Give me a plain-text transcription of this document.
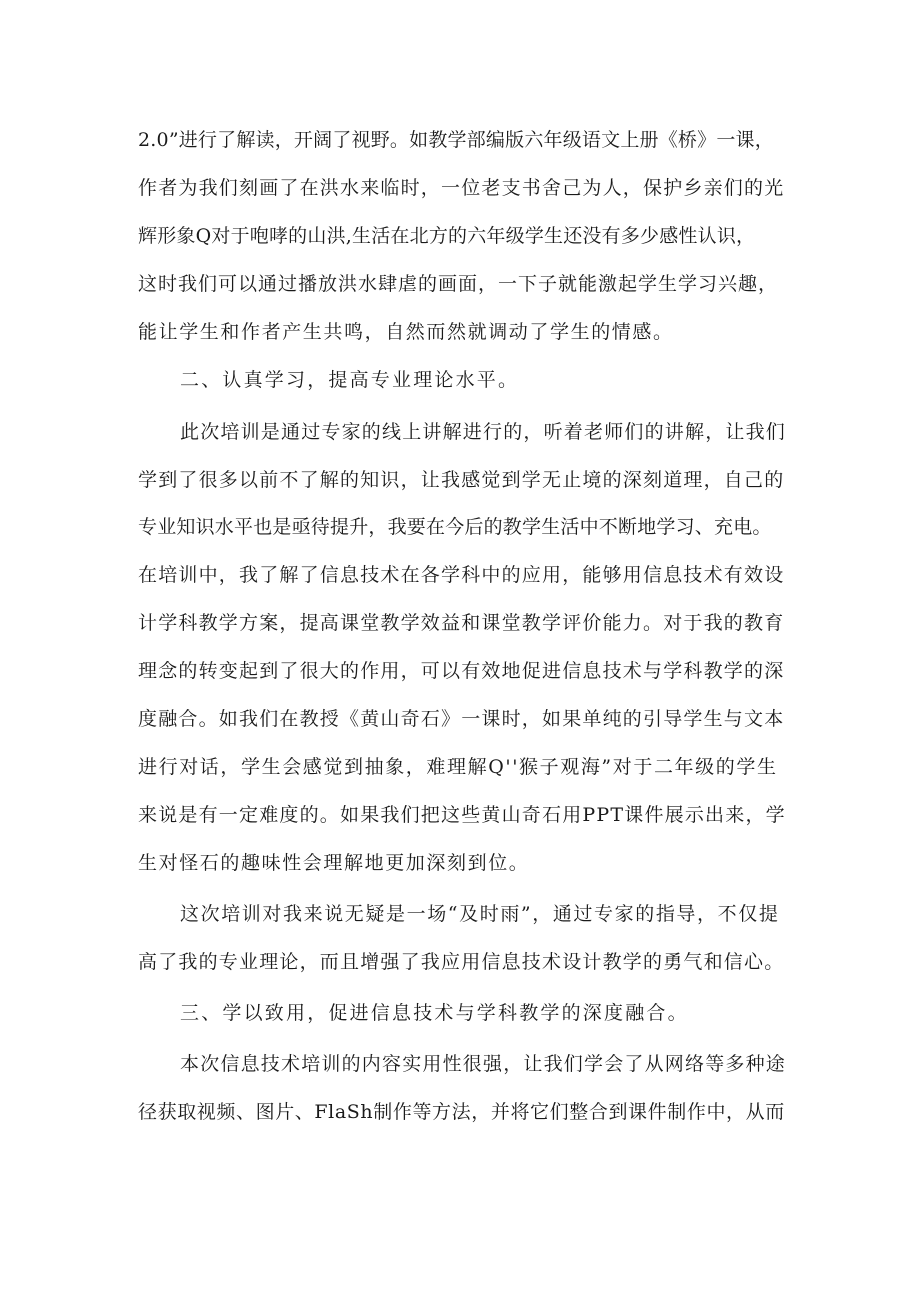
2.0”进行了解读，开阔了视野。如教学部编版六年级语文上册《桥》一课，
作者为我们刻画了在洪水来临时，一位老支书舍己为人，保护乡亲们的光
辉形象Q对于咆哮的山洪,生活在北方的六年级学生还没有多少感性认识，
这时我们可以通过播放洪水肆虐的画面，一下子就能激起学生学习兴趣，
能让学生和作者产生共鸣，自然而然就调动了学生的情感。
二、认真学习，提高专业理论水平。
此次培训是通过专家的线上讲解进行的，听着老师们的讲解，让我们
学到了很多以前不了解的知识，让我感觉到学无止境的深刻道理，自己的
专业知识水平也是亟待提升，我要在今后的教学生活中不断地学习、充电。
在培训中，我了解了信息技术在各学科中的应用，能够用信息技术有效设
计学科教学方案，提高课堂教学效益和课堂教学评价能力。对于我的教育
理念的转变起到了很大的作用，可以有效地促进信息技术与学科教学的深
度融合。如我们在教授《黄山奇石》一课时，如果单纯的引导学生与文本
进行对话，学生会感觉到抽象，难理解Q''猴子观海”对于二年级的学生
来说是有一定难度的。如果我们把这些黄山奇石用PPT课件展示出来，学
生对怪石的趣味性会理解地更加深刻到位。
这次培训对我来说无疑是一场“及时雨”，通过专家的指导，不仅提
高了我的专业理论，而且增强了我应用信息技术设计教学的勇气和信心。
三、学以致用，促进信息技术与学科教学的深度融合。
本次信息技术培训的内容实用性很强，让我们学会了从网络等多种途
径获取视频、图片、FlaSh制作等方法，并将它们整合到课件制作中，从而
